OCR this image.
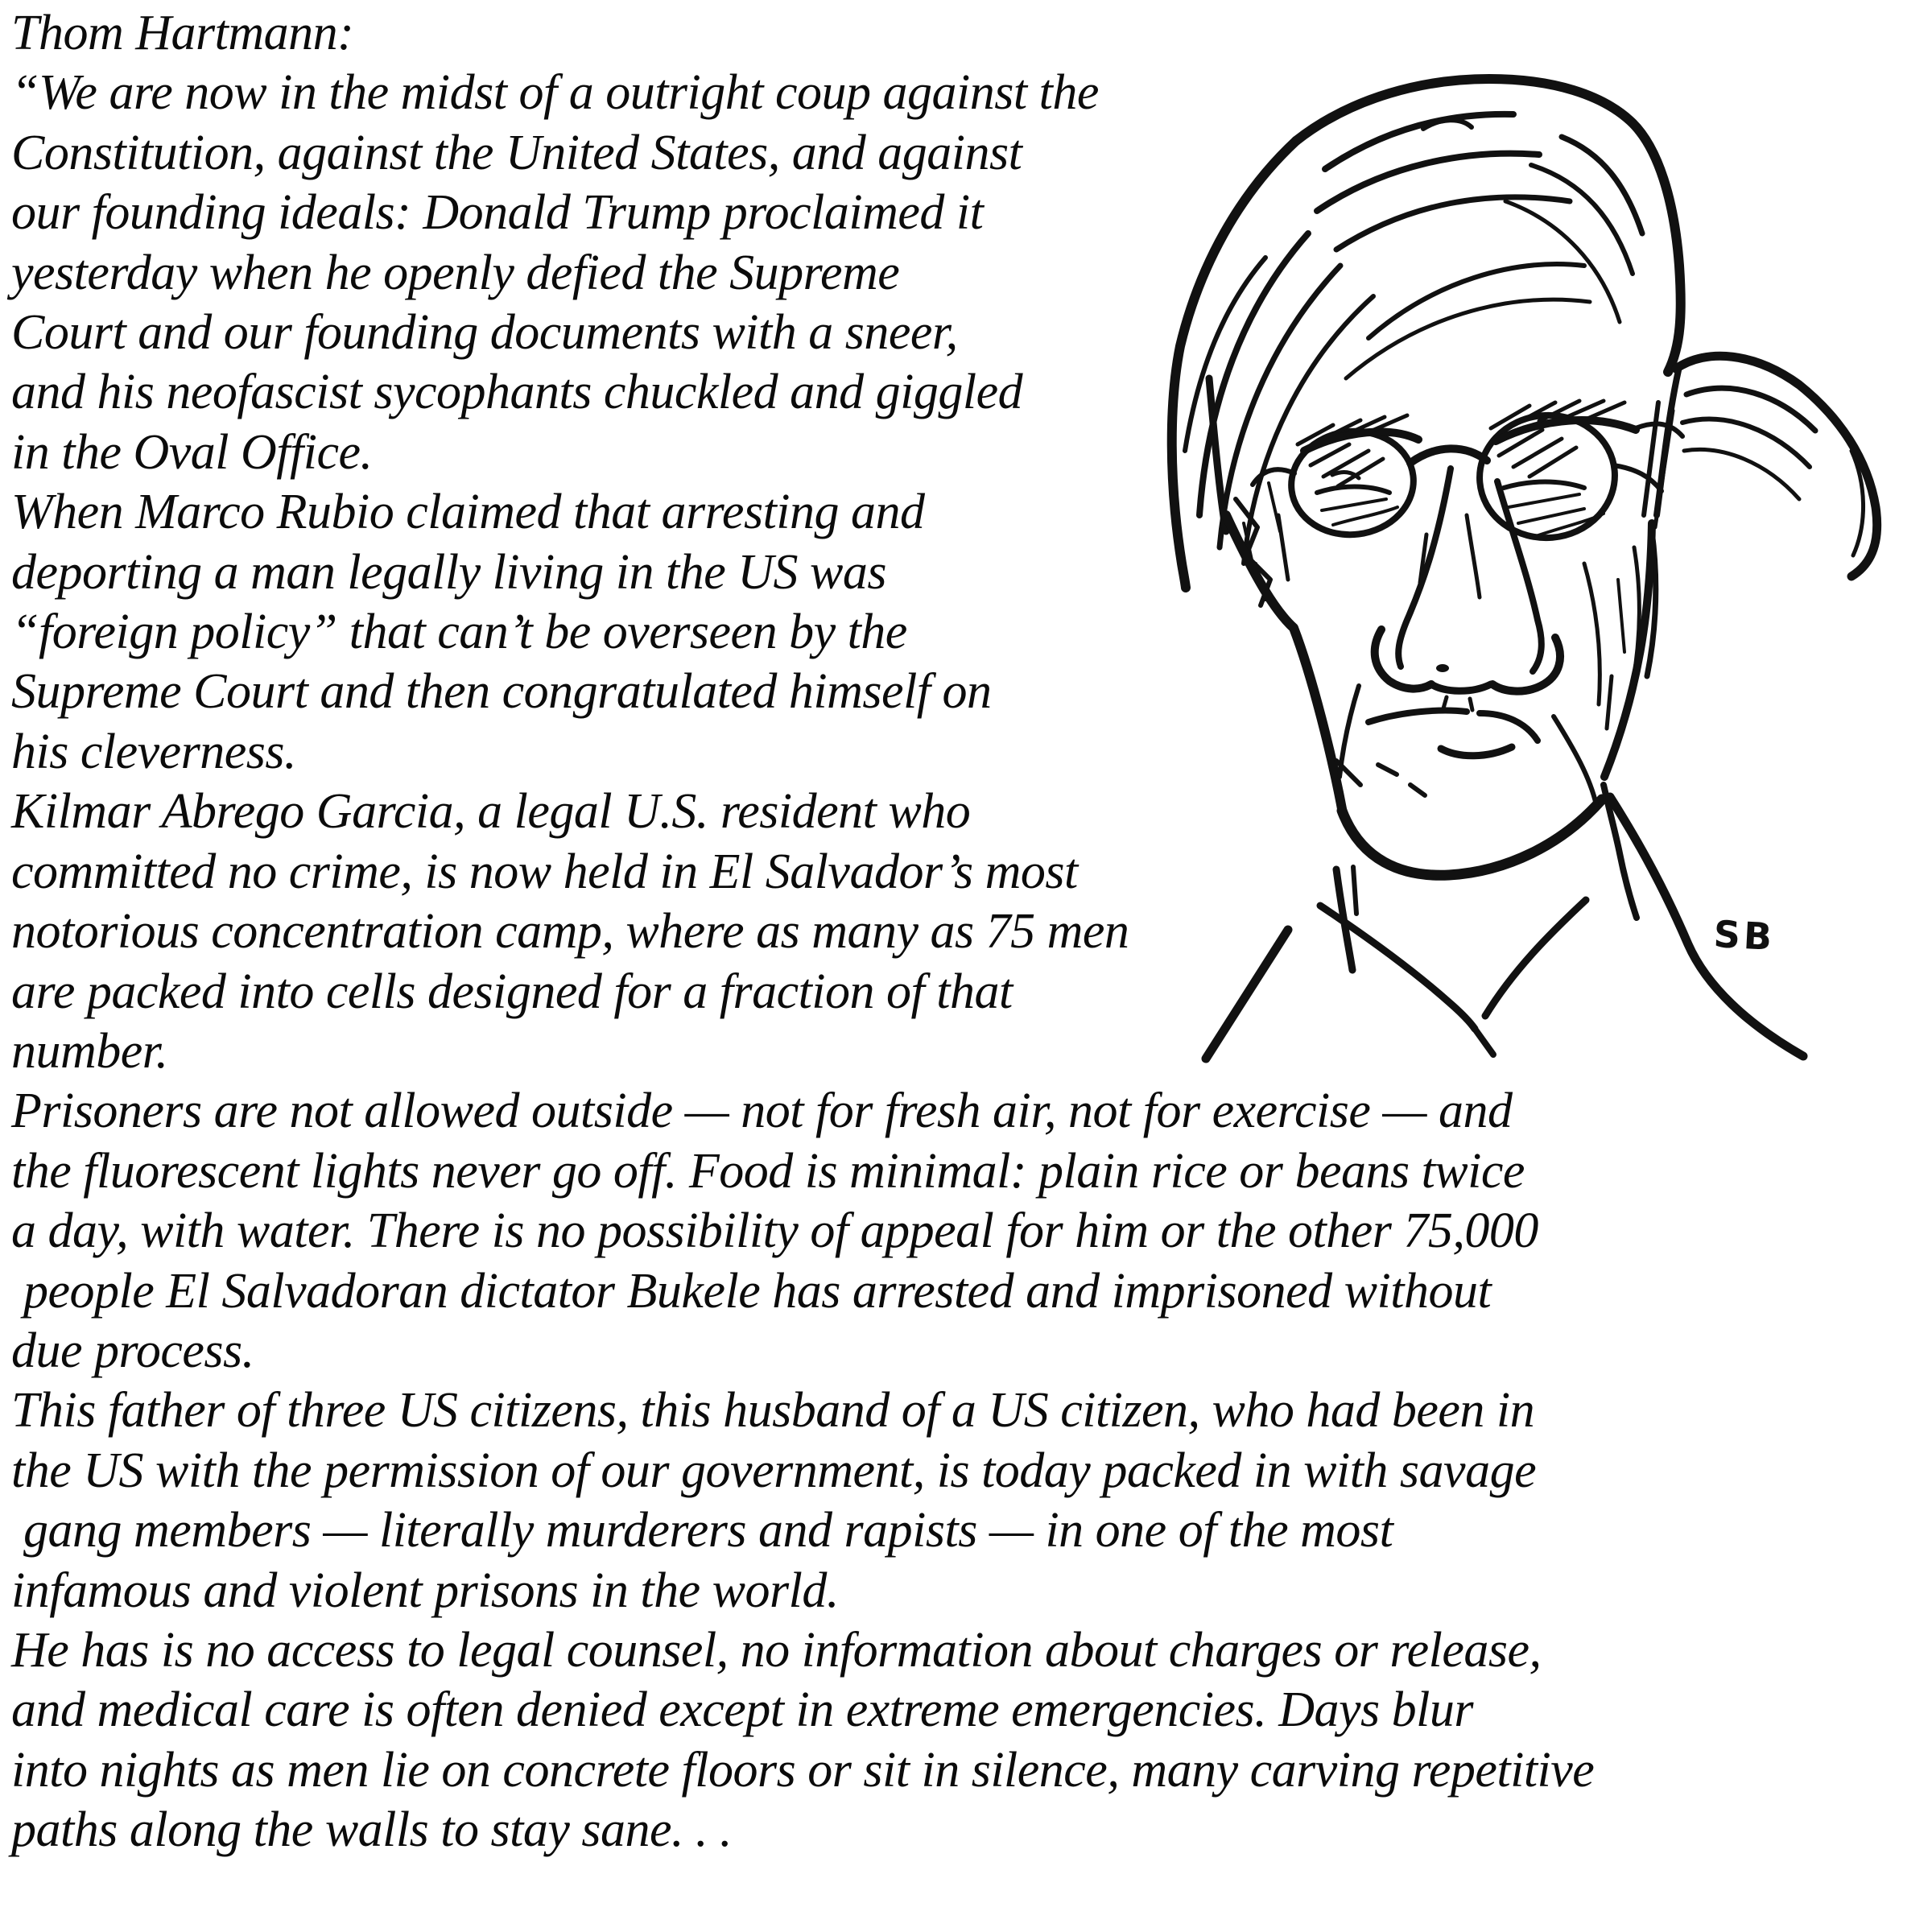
Thom Hartmann:
“We are now in the midst of a outright coup against the
Constitution, against the United States, and against
our founding ideals: Donald Trump proclaimed it
yesterday when he openly defied the Supreme
Court and our founding documents with a sneer,
and his neofascist sycophants chuckled and giggled
in the Oval Office.
When Marco Rubio claimed that arresting and
deporting a man legally living in the US was
“foreign policy” that can’t be overseen by the
Supreme Court and then congratulated himself on
his cleverness.
Kilmar Abrego Garcia, a legal U.S. resident who
committed no crime, is now held in El Salvador’s most
notorious concentration camp, where as many as 75 men
are packed into cells designed for a fraction of that
number.
Prisoners are not allowed outside — not for fresh air, not for exercise — and
the fluorescent lights never go off. Food is minimal: plain rice or beans twice
a day, with water. There is no possibility of appeal for him or the other 75,000
people El Salvadoran dictator Bukele has arrested and imprisoned without
due process.
This father of three US citizens, this husband of a US citizen, who had been in
the US with the permission of our government, is today packed in with savage
gang members — literally murderers and rapists — in one of the most
infamous and violent prisons in the world.
He has is no access to legal counsel, no information about charges or release,
and medical care is often denied except in extreme emergencies. Days blur
into nights as men lie on concrete floors or sit in silence, many carving repetitive
paths along the walls to stay sane. . .
SB
